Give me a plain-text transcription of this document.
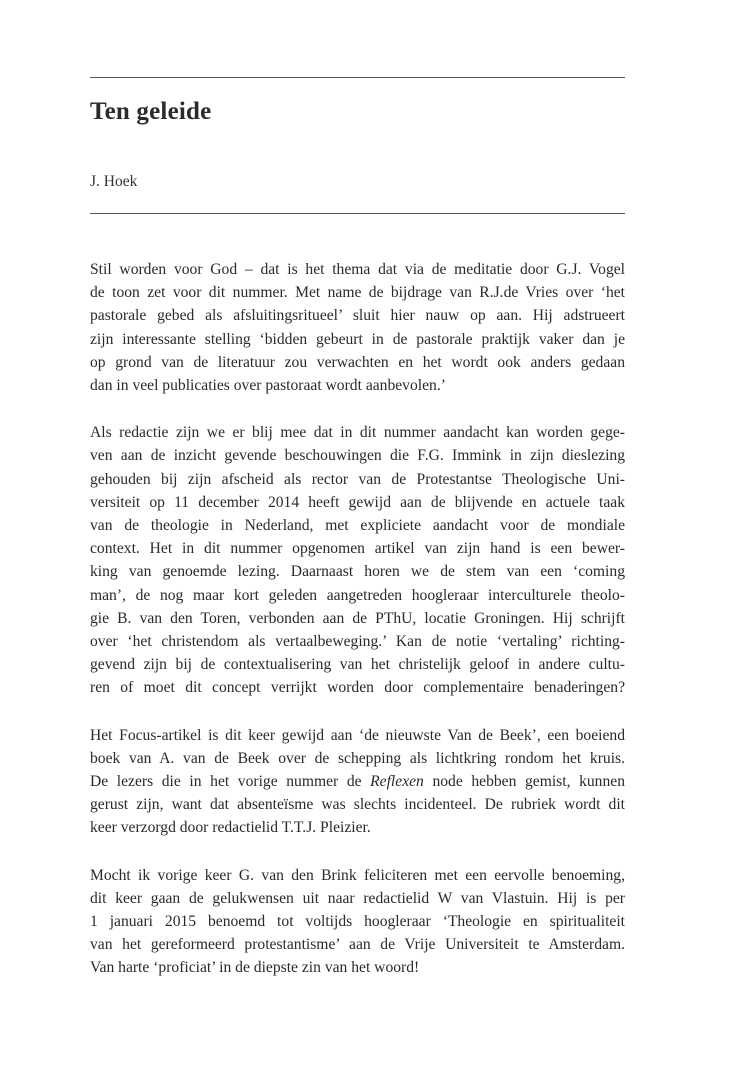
Ten geleide
J. Hoek

Stil worden voor God – dat is het thema dat via de meditatie door G.J. Vogel
de toon zet voor dit nummer. Met name de bijdrage van R.J.de Vries over ‘het
pastorale gebed als afsluitingsritueel’ sluit hier nauw op aan. Hij adstrueert
zijn interessante stelling ‘bidden gebeurt in de pastorale praktijk vaker dan je
op grond van de literatuur zou verwachten en het wordt ook anders gedaan
dan in veel publicaties over pastoraat wordt aanbevolen.’

Als redactie zijn we er blij mee dat in dit nummer aandacht kan worden gege-
ven aan de inzicht gevende beschouwingen die F.G. Immink in zijn dieslezing
gehouden bij zijn afscheid als rector van de Protestantse Theologische Uni-
versiteit op 11 december 2014 heeft gewijd aan de blijvende en actuele taak
van de theologie in Nederland, met expliciete aandacht voor de mondiale
context. Het in dit nummer opgenomen artikel van zijn hand is een bewer-
king van genoemde lezing. Daarnaast horen we de stem van een ‘coming
man’, de nog maar kort geleden aangetreden hoogleraar interculturele theolo-
gie B. van den Toren, verbonden aan de PThU, locatie Groningen. Hij schrijft
over ‘het christendom als vertaalbeweging.’ Kan de notie ‘vertaling’ richting-
gevend zijn bij de contextualisering van het christelijk geloof in andere cultu-
ren of moet dit concept verrijkt worden door complementaire benaderingen?

Het Focus-artikel is dit keer gewijd aan ‘de nieuwste Van de Beek’, een boeiend
boek van A. van de Beek over de schepping als lichtkring rondom het kruis.
De lezers die in het vorige nummer de Reflexen node hebben gemist, kunnen
gerust zijn, want dat absenteïsme was slechts incidenteel. De rubriek wordt dit
keer verzorgd door redactielid T.T.J. Pleizier.

Mocht ik vorige keer G. van den Brink feliciteren met een eervolle benoeming,
dit keer gaan de gelukwensen uit naar redactielid W van Vlastuin. Hij is per
1 januari 2015 benoemd tot voltijds hoogleraar ‘Theologie en spiritualiteit
van het gereformeerd protestantisme’ aan de Vrije Universiteit te Amsterdam.
Van harte ‘proficiat’ in de diepste zin van het woord!
